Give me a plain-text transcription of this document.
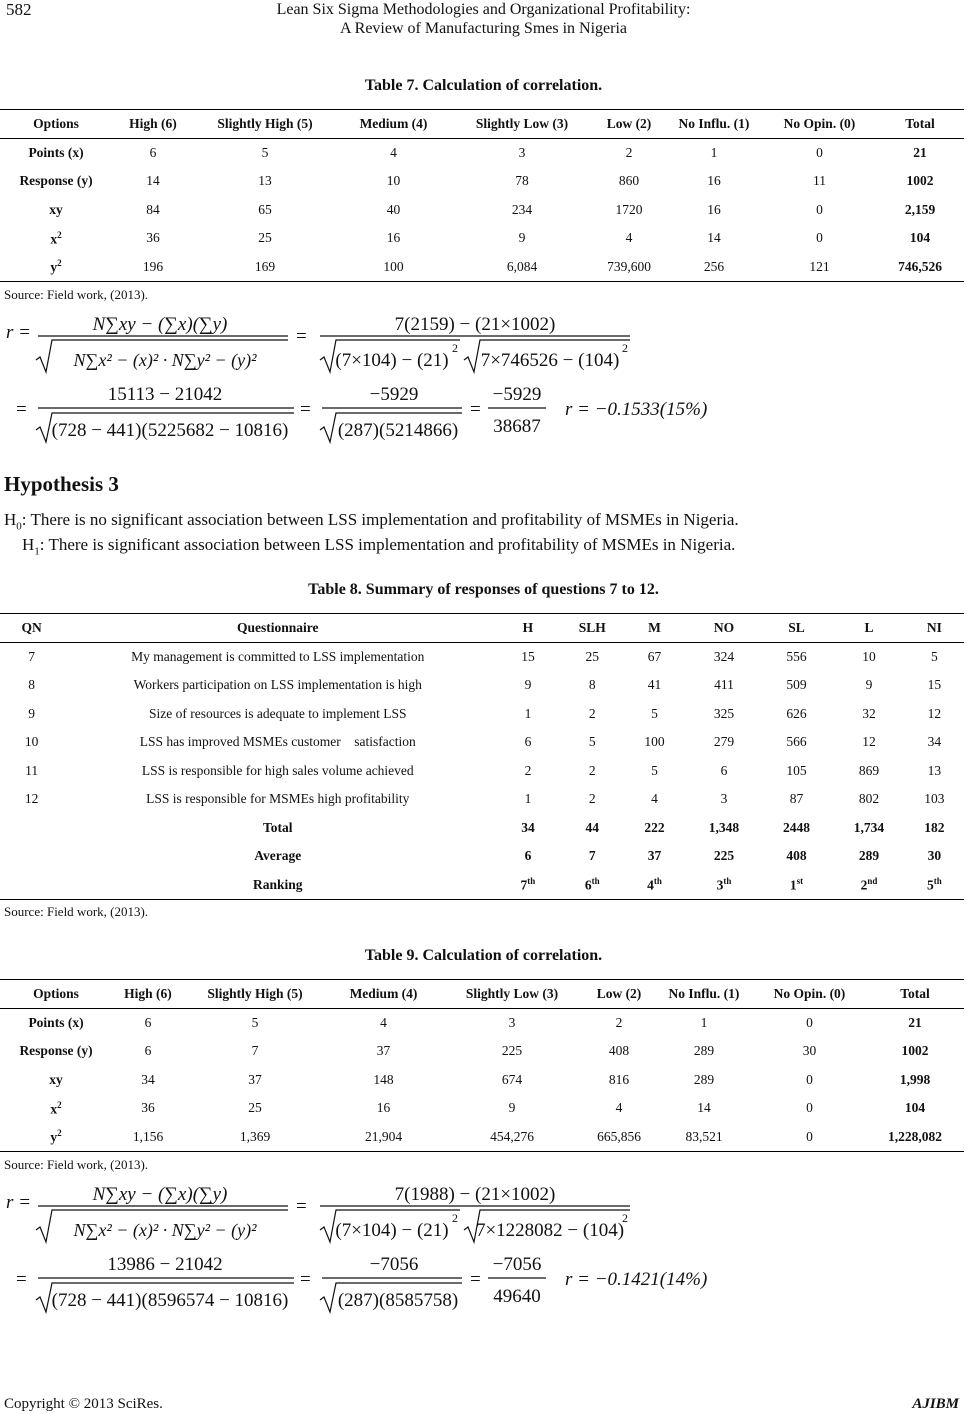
582	Lean Six Sigma Methodologies and Organizational Profitability:
A Review of Manufacturing Smes in Nigeria
Table 7. Calculation of correlation.
Options	High (6)	Slightly High (5)	Medium (4)	Slightly Low (3)	Low (2)	No Influ. (1)	No Opin. (0)	Total
Points (x)	6	5	4	3	2	1	0	21
Response (y)	14	13	10	78	860	16	11	1002
xy	84	65	40	234	1720	16	0	2,159
$x^2$	36	25	16	9	4	14	0	104
$y^2$	196	169	100	6,084	739,600	256	121	746,526
Source: Field work, (2013).
r =	N∑xy − (∑x)(∑y)
N∑x² − (x)² · N∑y² − (y)²
=
7(2159) − (21×1002)
(7×104) − (21)
2
7×746526 − (104)
2
=
15113 − 21042
(728 − 441)(5225682 − 10816)
=
−5929
(287)(5214866)
=
−5929
38687
r = −0.1533(15%)
Hypothesis 3
$H_0$: There is no significant association between LSS implementation and profitability of MSMEs in Nigeria.
$H_1$: There is significant association between LSS implementation and profitability of MSMEs in Nigeria.
Table 8. Summary of responses of questions 7 to 12.
QN	Questionnaire	H	SLH	M	NO	SL	L	NI
7	My management is committed to LSS implementation	15	25	67	324	556	10	5
8	Workers participation on LSS implementation is high	9	8	41	411	509	9	15
9	Size of resources is adequate to implement LSS	1	2	5	325	626	32	12
10	LSS has improved MSMEs customer    satisfaction	6	5	100	279	566	12	34
11	LSS is responsible for high sales volume achieved	2	2	5	6	105	869	13
12	LSS is responsible for MSMEs high profitability	1	2	4	3	87	802	103
	Total	34	44	222	1,348	2448	1,734	182
	Average	6	7	37	225	408	289	30
	Ranking	7th	6th	4th	3th	1st	2nd	5th
Source: Field work, (2013).
Table 9. Calculation of correlation.
Options	High (6)	Slightly High (5)	Medium (4)	Slightly Low (3)	Low (2)	No Influ. (1)	No Opin. (0)	Total
Points (x)	6	5	4	3	2	1	0	21
Response (y)	6	7	37	225	408	289	30	1002
xy	34	37	148	674	816	289	0	1,998
$x^2$	36	25	16	9	4	14	0	104
$y^2$	1,156	1,369	21,904	454,276	665,856	83,521	0	1,228,082
Source: Field work, (2013).
r =	N∑xy − (∑x)(∑y)
N∑x² − (x)² · N∑y² − (y)²
=
7(1988) − (21×1002)
(7×104) − (21)
2
7×1228082 − (104)
2
=
13986 − 21042
(728 − 441)(8596574 − 10816)
=
−7056
(287)(8585758)
=
−7056
49640
r = −0.1421(14%)
Copyright © 2013 SciRes.	AJIBM
